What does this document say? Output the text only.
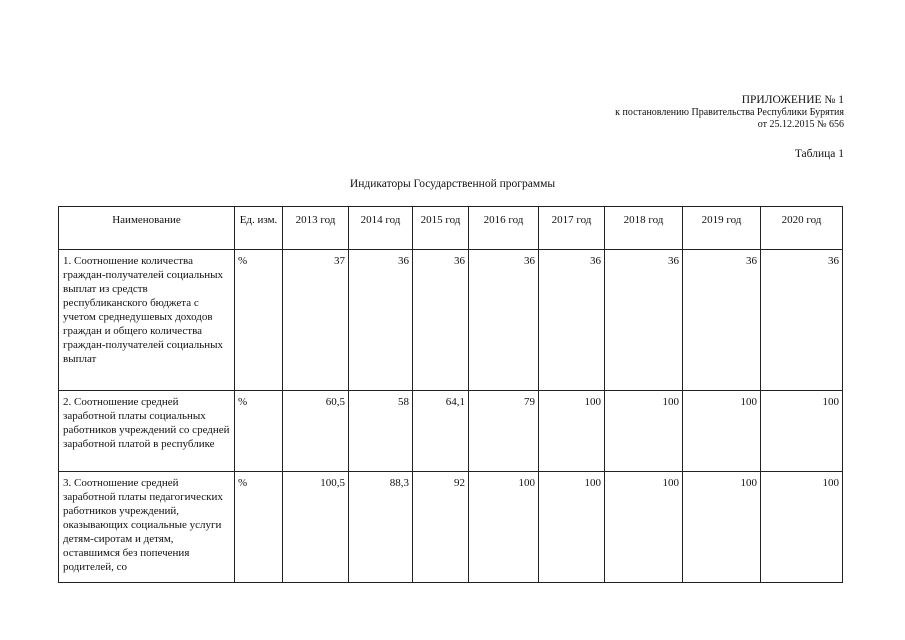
ПРИЛОЖЕНИЕ № 1
к постановлению Правительства Республики Бурятия
от 25.12.2015 № 656
Таблица 1
Индикаторы Государственной программы
Наименование	Ед. изм.	2013 год	2014 год	2015 год	2016 год	2017 год	2018 год	2019 год	2020 год
1. Соотношение количества граждан-получателей социальных выплат из средств республиканского бюджета с учетом среднедушевых доходов граждан и общего количества граждан-получателей социальных выплат	%	37	36	36	36	36	36	36	36
2. Соотношение средней заработной платы социальных работников учреждений со средней заработной платой в республике	%	60,5	58	64,1	79	100	100	100	100
3. Соотношение средней заработной платы педагогических работников учреждений, оказывающих социальные услуги детям-сиротам и детям, оставшимся без попечения родителей, со	%	100,5	88,3	92	100	100	100	100	100
